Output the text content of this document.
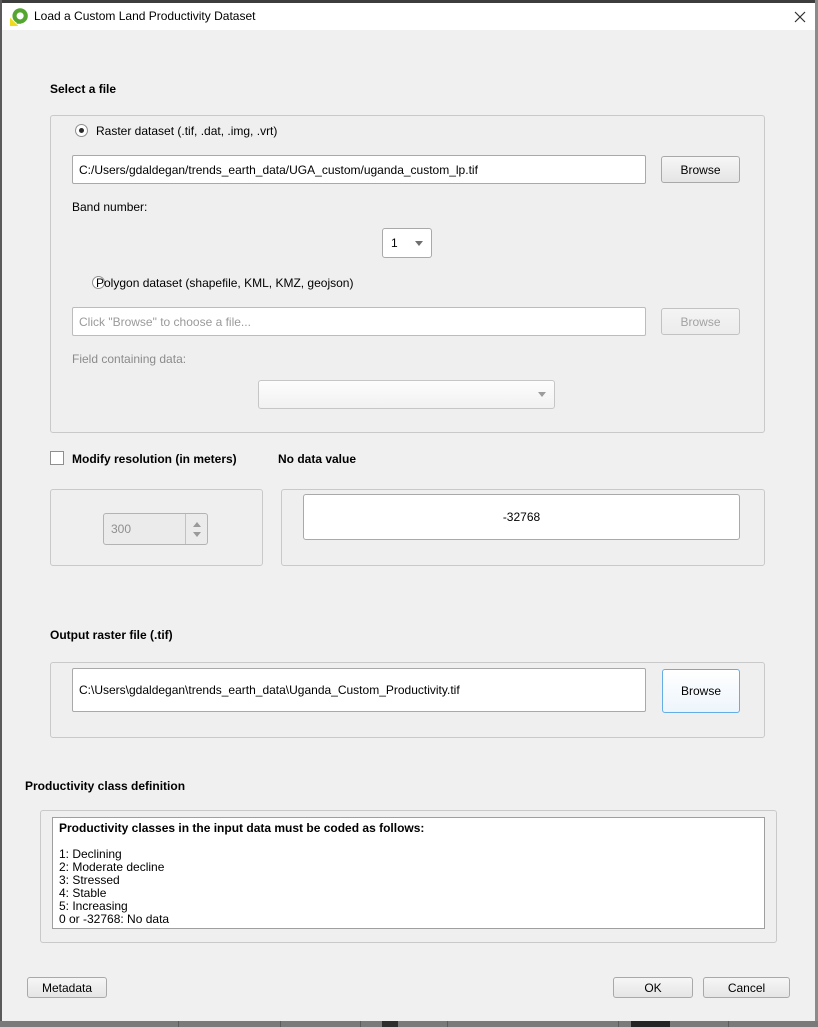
Load a Custom Land Productivity Dataset
Select a file

Raster dataset (.tif, .dat, .img, .vrt)
C:/Users/gdaldegan/trends_earth_data/UGA_custom/uganda_custom_lp.tif
Browse
Band number:
1

Polygon dataset (shapefile, KML, KMZ, geojson)
Click "Browse" to choose a file...
Browse
Field containing data:
Modify resolution (in meters)	No data value
300
-32768
Output raster file (.tif)
C:\Users\gdaldegan\trends_earth_data\Uganda_Custom_Productivity.tif
Browse
Productivity class definition
Productivity classes in the input data must be coded as follows:
1: Declining
2: Moderate decline
3: Stressed
4: Stable
5: Increasing
0 or -32768: No data
Metadata	OK	Cancel
